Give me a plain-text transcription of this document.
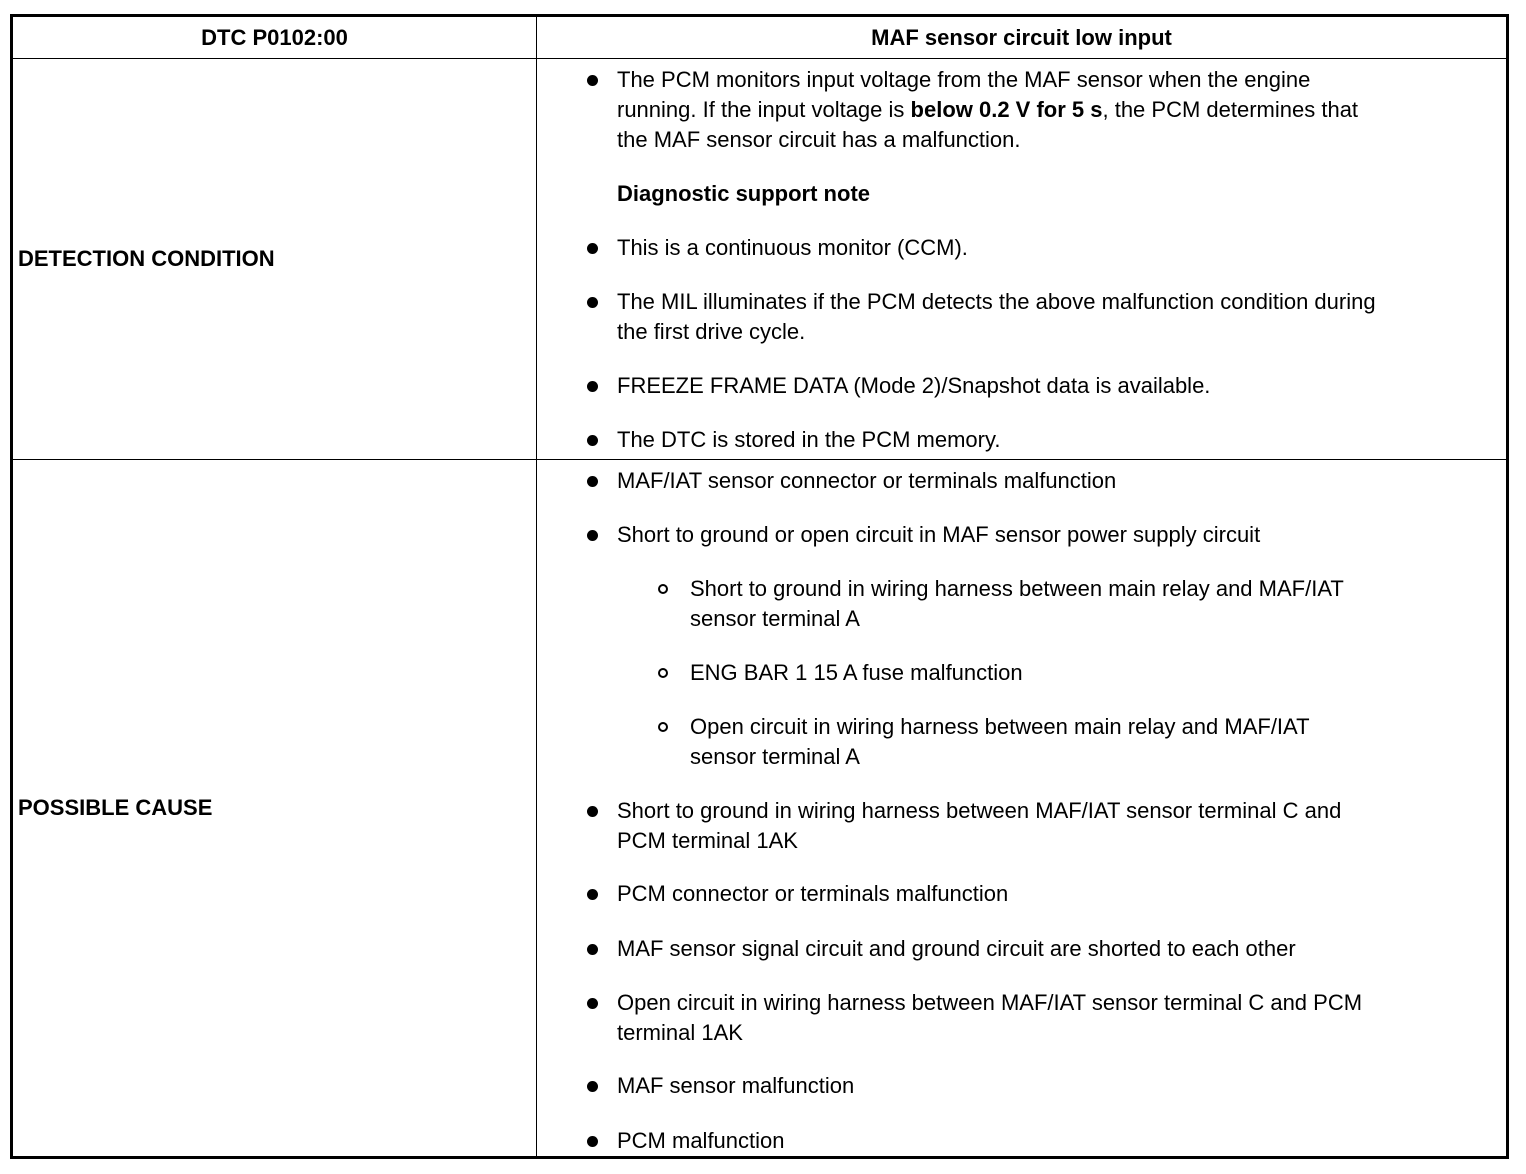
DTC P0102:00	MAF sensor circuit low input
DETECTION CONDITION
The PCM monitors input voltage from the MAF sensor when the engine
running. If the input voltage is below 0.2 V for 5 s, the PCM determines that
the MAF sensor circuit has a malfunction.
Diagnostic support note
This is a continuous monitor (CCM).
The MIL illuminates if the PCM detects the above malfunction condition during
the first drive cycle.
FREEZE FRAME DATA (Mode 2)/Snapshot data is available.
The DTC is stored in the PCM memory.
POSSIBLE CAUSE
MAF/IAT sensor connector or terminals malfunction
Short to ground or open circuit in MAF sensor power supply circuit
Short to ground in wiring harness between main relay and MAF/IAT
sensor terminal A
ENG BAR 1 15 A fuse malfunction
Open circuit in wiring harness between main relay and MAF/IAT
sensor terminal A
Short to ground in wiring harness between MAF/IAT sensor terminal C and
PCM terminal 1AK
PCM connector or terminals malfunction
MAF sensor signal circuit and ground circuit are shorted to each other
Open circuit in wiring harness between MAF/IAT sensor terminal C and PCM
terminal 1AK
MAF sensor malfunction
PCM malfunction
